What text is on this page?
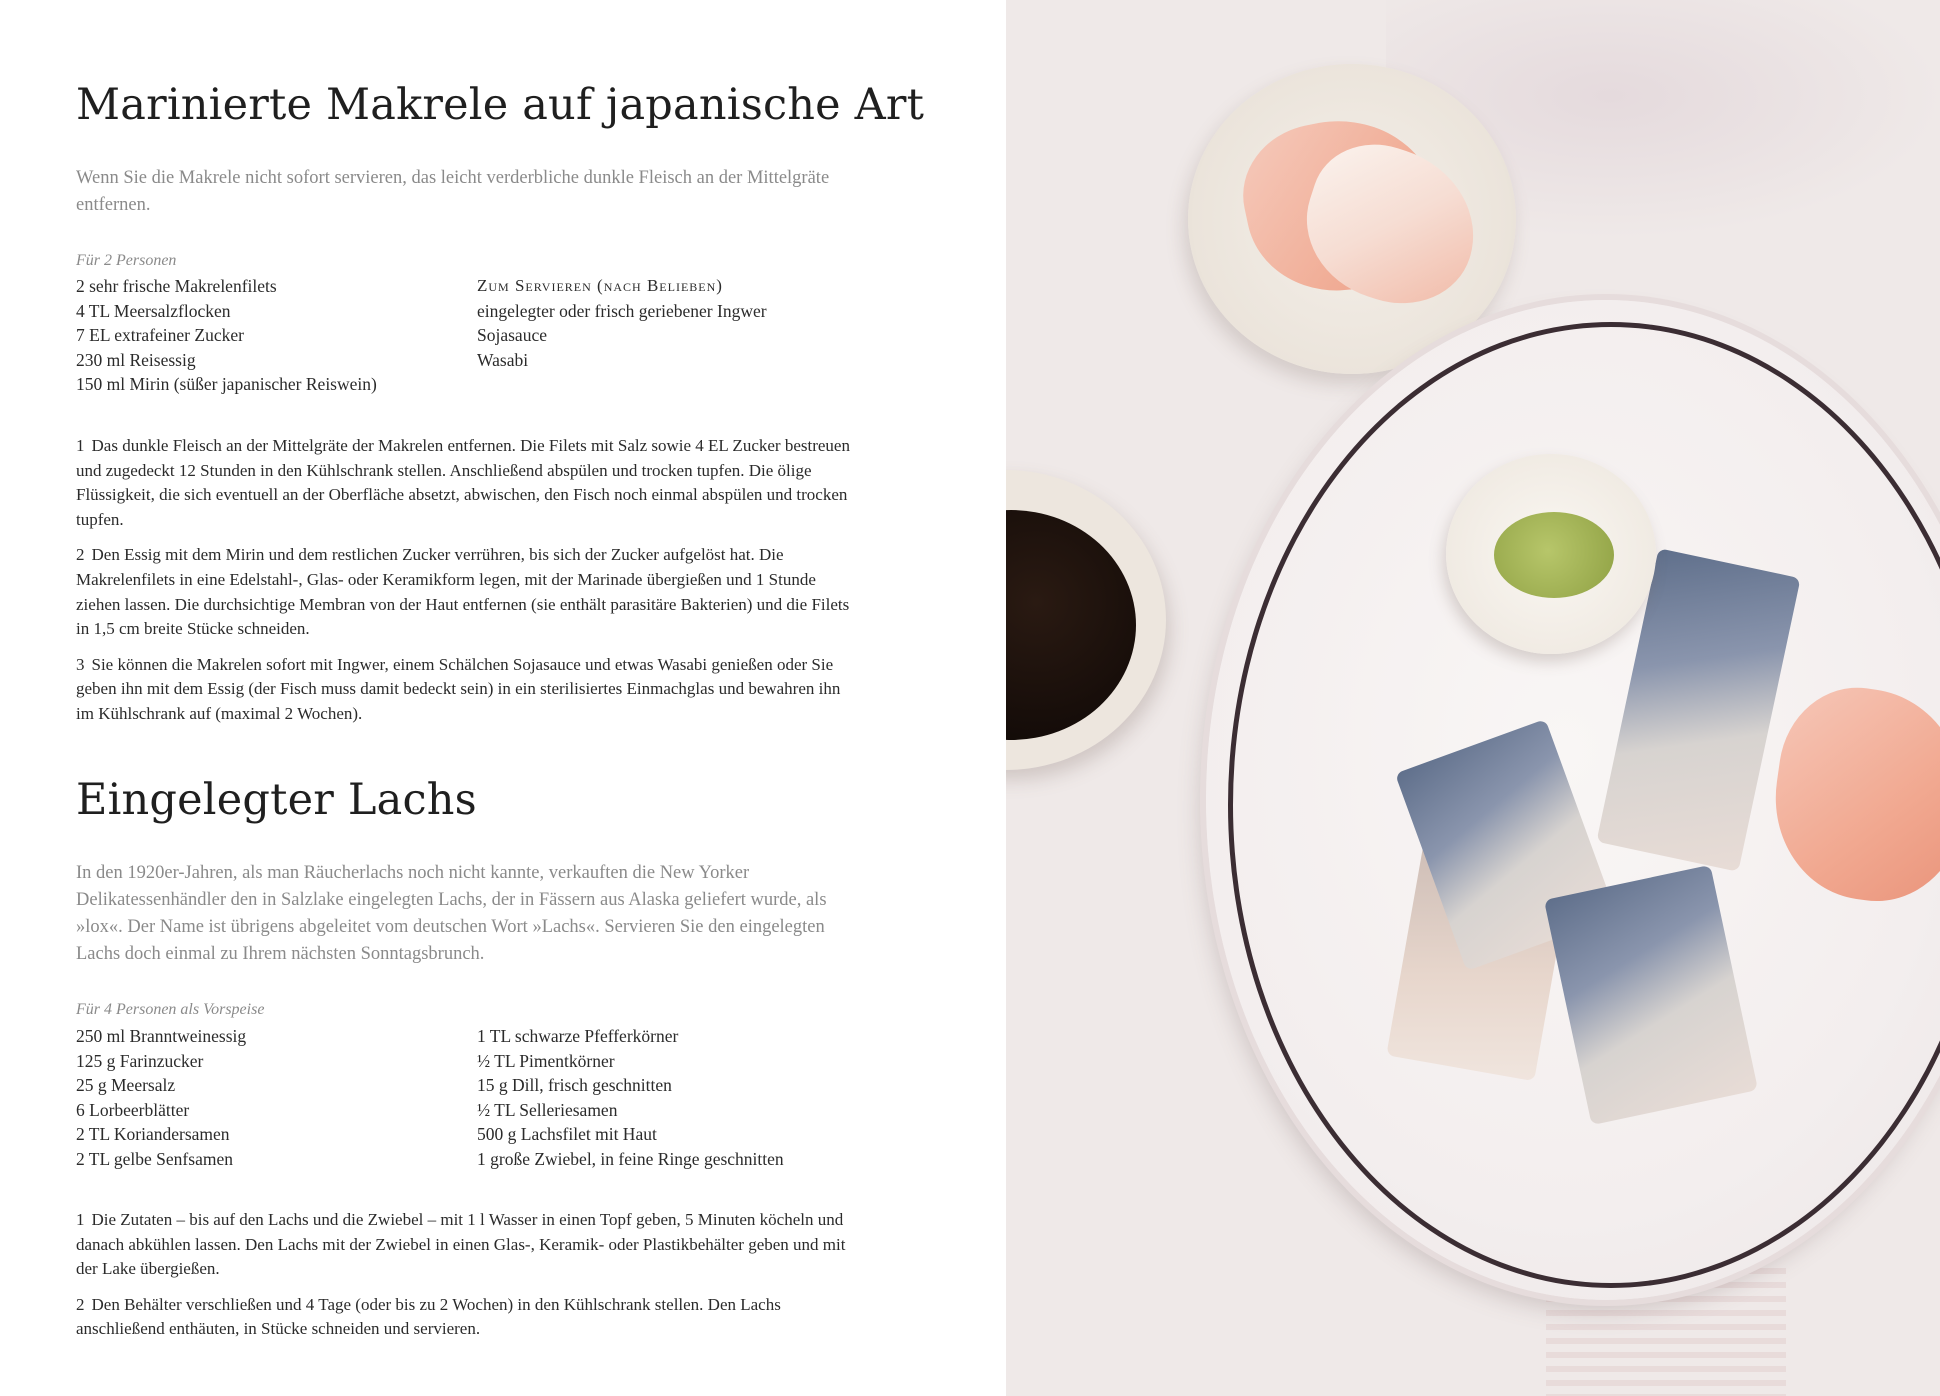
Marinierte Makrele auf japanische Art

Wenn Sie die Makrele nicht sofort servieren, das leicht verderbliche dunkle Fleisch an der Mittelgräte entfernen.

Für 2 Personen

2 sehr frische Makrelenfilets
4 TL Meersalzflocken
7 EL extrafeiner Zucker
230 ml Reisessig
150 ml Mirin (süßer japanischer Reiswein)
Zum Servieren (nach Belieben)
eingelegter oder frisch geriebener Ingwer
Sojasauce
Wasabi

1 Das dunkle Fleisch an der Mittelgräte der Makrelen entfernen. Die Filets mit Salz sowie 4 EL Zucker bestreuen und zugedeckt 12 Stunden in den Kühlschrank stellen. Anschließend abspülen und trocken tupfen. Die ölige Flüssigkeit, die sich eventuell an der Oberfläche absetzt, abwischen, den Fisch noch einmal abspülen und trocken tupfen.

2 Den Essig mit dem Mirin und dem restlichen Zucker verrühren, bis sich der Zucker aufgelöst hat. Die Makrelenfilets in eine Edelstahl-, Glas- oder Keramikform legen, mit der Marinade übergießen und 1 Stunde ziehen lassen. Die durchsichtige Membran von der Haut entfernen (sie enthält parasitäre Bakterien) und die Filets in 1,5 cm breite Stücke schneiden.

3 Sie können die Makrelen sofort mit Ingwer, einem Schälchen Sojasauce und etwas Wasabi genießen oder Sie geben ihn mit dem Essig (der Fisch muss damit bedeckt sein) in ein sterilisiertes Einmachglas und bewahren ihn im Kühlschrank auf (maximal 2 Wochen).

Eingelegter Lachs

In den 1920er-Jahren, als man Räucherlachs noch nicht kannte, verkauften die New Yorker Delikatessenhändler den in Salzlake eingelegten Lachs, der in Fässern aus Alaska geliefert wurde, als »lox«. Der Name ist übrigens abgeleitet vom deutschen Wort »Lachs«. Servieren Sie den eingelegten Lachs doch einmal zu Ihrem nächsten Sonntagsbrunch.

Für 4 Personen als Vorspeise

250 ml Branntweinessig
125 g Farinzucker
25 g Meersalz
6 Lorbeerblätter
2 TL Koriandersamen
2 TL gelbe Senfsamen
1 TL schwarze Pfefferkörner
½ TL Pimentkörner
15 g Dill, frisch geschnitten
½ TL Selleriesamen
500 g Lachsfilet mit Haut
1 große Zwiebel, in feine Ringe geschnitten

1 Die Zutaten – bis auf den Lachs und die Zwiebel – mit 1 l Wasser in einen Topf geben, 5 Minuten köcheln und danach abkühlen lassen. Den Lachs mit der Zwiebel in einen Glas-, Keramik- oder Plastikbehälter geben und mit der Lake übergießen.

2 Den Behälter verschließen und 4 Tage (oder bis zu 2 Wochen) in den Kühlschrank stellen. Den Lachs anschließend enthäuten, in Stücke schneiden und servieren.
